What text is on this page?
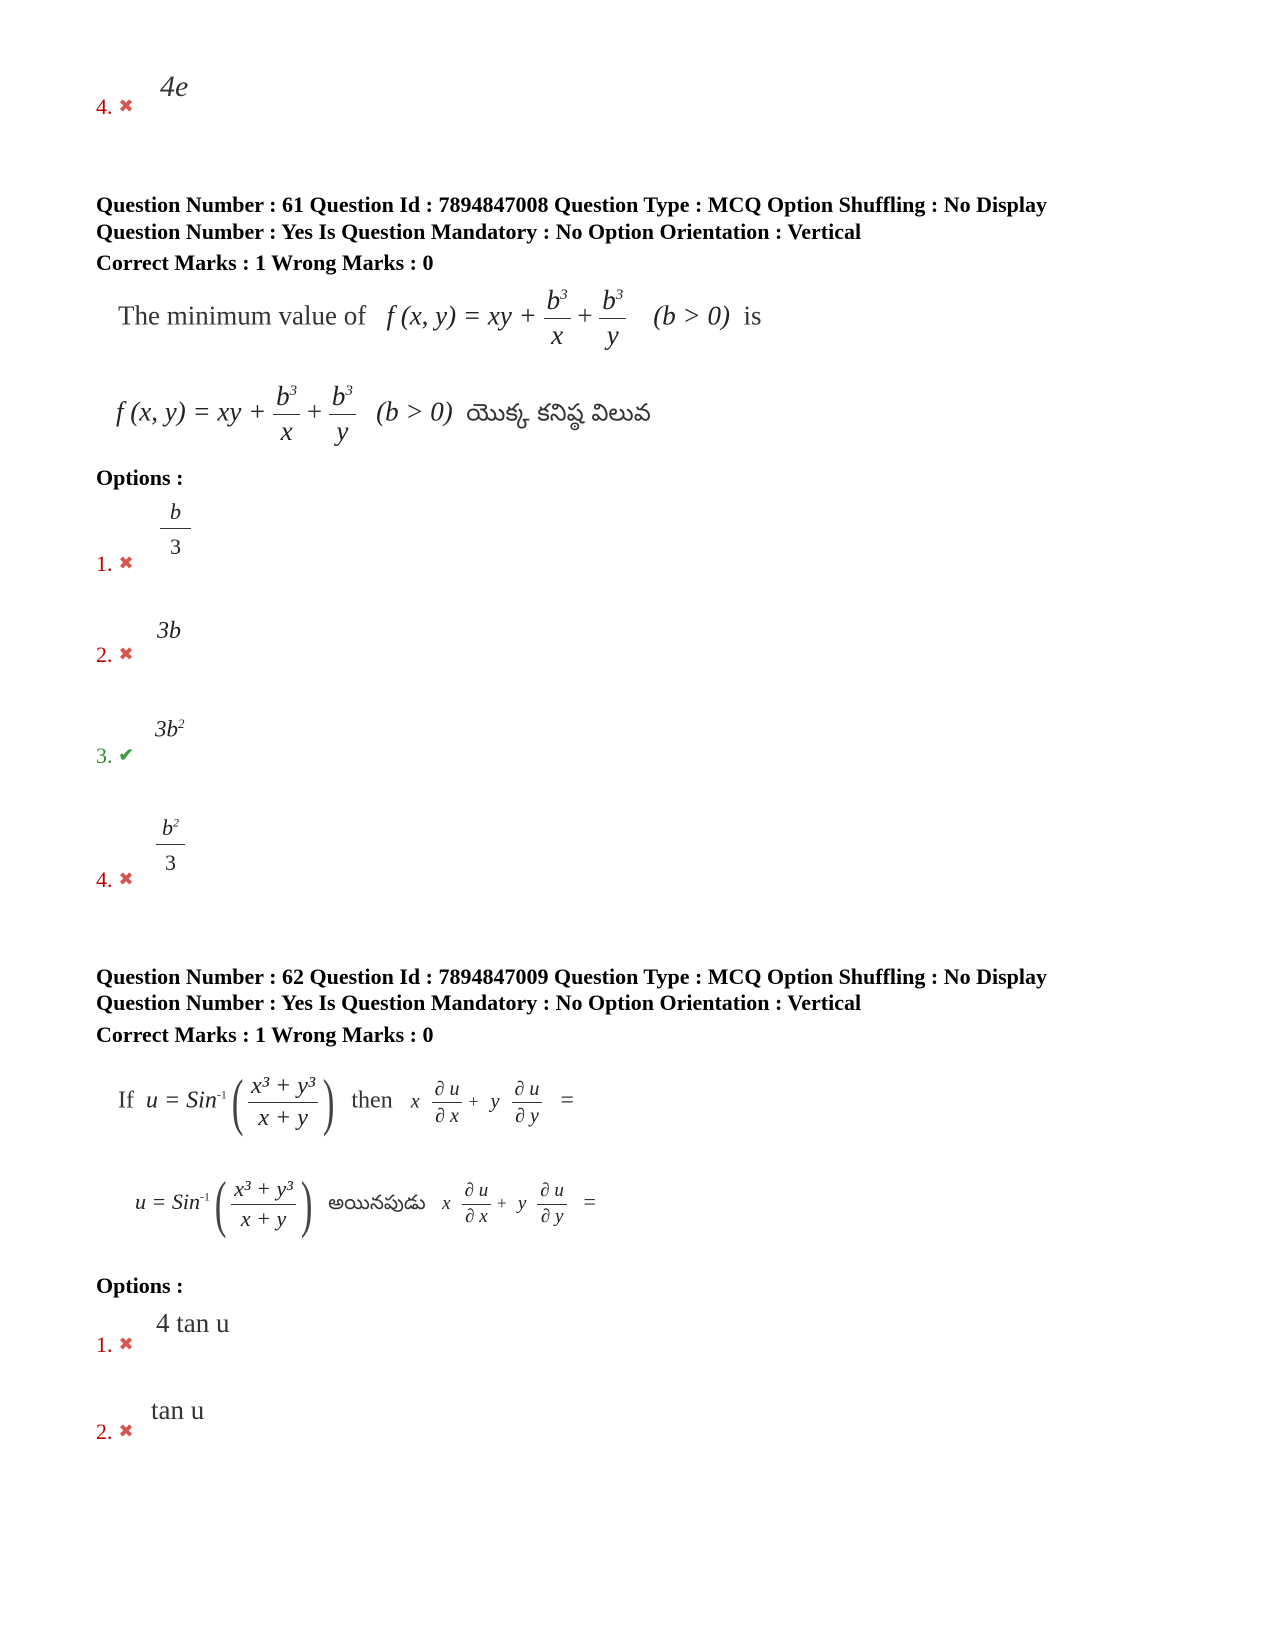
4. ✖
4e
Question Number : 61 Question Id : 7894847008 Question Type : MCQ Option Shuffling : No Display
Question Number : Yes Is Question Mandatory : No Option Orientation : Vertical
Correct Marks : 1 Wrong Marks : 0
The minimum value of f (x, y) = xy + $\frac{b^3}{x} + \frac{b^3}{y} (b > 0)$ is
f (x, y) = xy + $\frac{b^3}{x} + \frac{b^3}{y} (b > 0)$ యొక్క కనిష్ఠ విలువ
Options :
1. ✖
$\frac{b}{3}$
2. ✖
3b
3. ✔
$3b^2$
4. ✖
$\frac{b^2}{3}$
Question Number : 62 Question Id : 7894847009 Question Type : MCQ Option Shuffling : No Display
Question Number : Yes Is Question Mandatory : No Option Orientation : Vertical
Correct Marks : 1 Wrong Marks : 0
If $u = Sin^{-1}( \frac{\text{x³ + y³}}{x + y}$ ) then x $\frac{\partial u}{\partial x} + y \frac{\partial u}{\partial y}$ =
$u = Sin^{-1}( \frac{\text{x³ + y³}}{x + y}$ ) అయినపుడు x $\frac{\partial u}{\partial x} + y \frac{\partial u}{\partial y}$ =
Options :
1. ✖
4 tan u
2. ✖
tan u
